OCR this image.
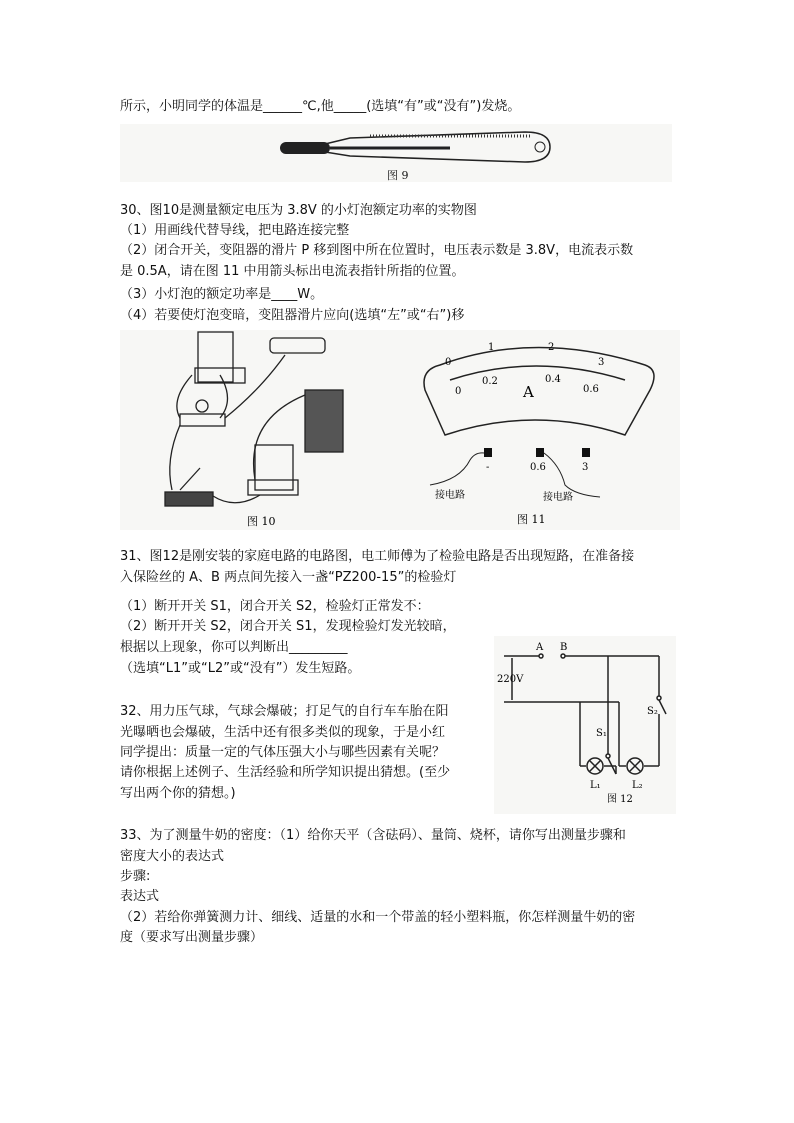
所示，小明同学的体温是______℃,他_____(选填“有”或“没有”)发烧。
图 9
30、图10是测量额定电压为 3.8V 的小灯泡额定功率的实物图
（1）用画线代替导线，把电路连接完整
（2）闭合开关，变阻器的滑片 P 移到图中所在位置时，电压表示数是 3.8V，电流表示数
是 0.5A，请在图 11 中用箭头标出电流表指针所指的位置。
（3）小灯泡的额定功率是____W。
（4）若要使灯泡变暗，变阻器滑片应向(选填“左”或“右”)移
0
1	2
3
0
0.2	0.4
0.6
A
-	0.6	3
接电路	接电路
图 10	图 11
31、图12是刚安装的家庭电路的电路图，电工师傅为了检验电路是否出现短路，在准备接
入保险丝的 A、B 两点间先接入一盏“PZ200-15”的检验灯
（1）断开开关 S1，闭合开关 S2，检验灯正常发不：
（2）断开开关 S2，闭合开关 S1，发现检验灯发光较暗，
根据以上现象，你可以判断出_________
（选填“L1”或“L2”或“没有”）发生短路。
32、用力压气球，气球会爆破；打足气的自行车车胎在阳
光曝晒也会爆破，生活中还有很多类似的现象，于是小红
同学提出：质量一定的气体压强大小与哪些因素有关呢？
请你根据上述例子、生活经验和所学知识提出猜想。(至少
写出两个你的猜想。)
A B
220V
S₁
S₂
L₁	L₂
图 12
33、为了测量牛奶的密度：（1）给你天平（含砝码）、量筒、烧杯，请你写出测量步骤和
密度大小的表达式
步骤:
表达式
（2）若给你弹簧测力计、细线、适量的水和一个带盖的轻小塑料瓶，你怎样测量牛奶的密
度（要求写出测量步骤）
